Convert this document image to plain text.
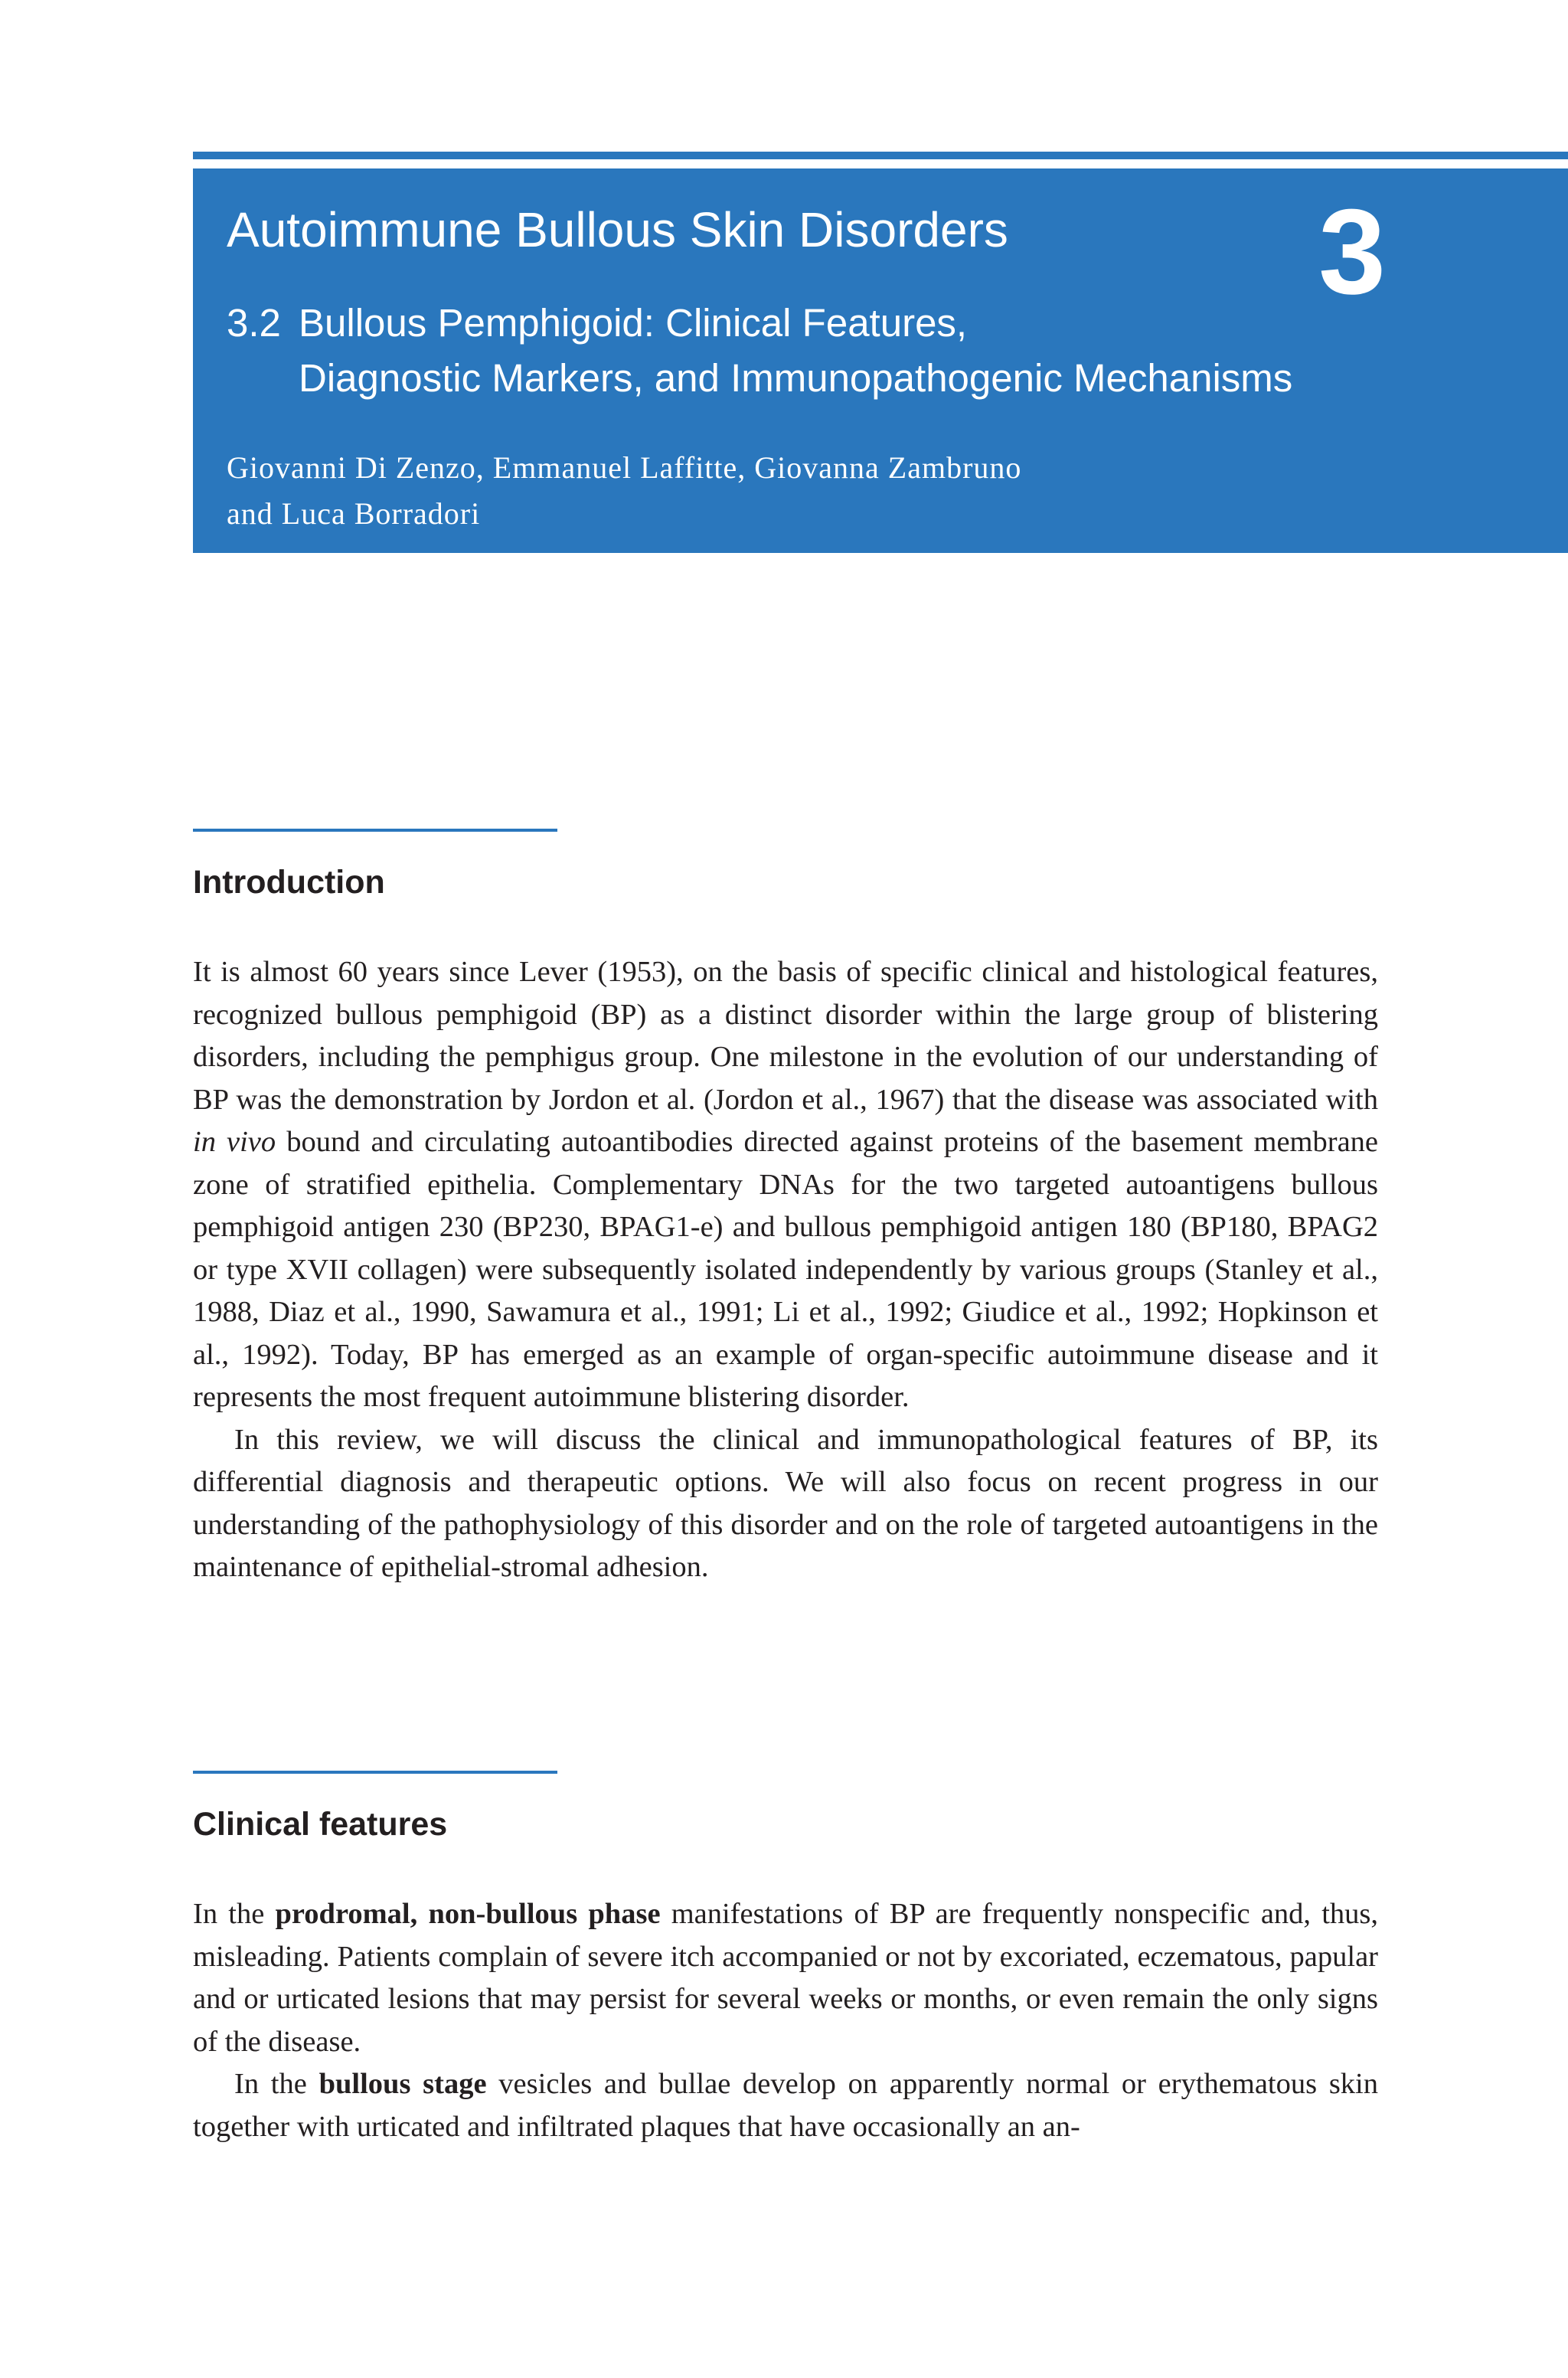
Autoimmune Bullous Skin Disorders	3
3.2 Bullous Pemphigoid: Clinical Features,
Diagnostic Markers, and Immunopathogenic Mechanisms
Giovanni Di Zenzo, Emmanuel Laffitte, Giovanna Zambruno
and Luca Borradori
Introduction

It is almost 60 years since Lever (1953), on the basis of specific clinical and histological features, recognized bullous pemphigoid (BP) as a distinct disorder within the large group of blistering disorders, including the pemphigus group. One milestone in the evolution of our understanding of BP was the demonstration by Jordon et al. (Jordon et al., 1967) that the disease was associated with in vivo bound and circulating autoantibodies directed against proteins of the basement membrane zone of stratified epithelia. Complementary DNAs for the two targeted autoantigens bullous pemphigoid antigen 230 (BP230, BPAG1-e) and bullous pemphigoid antigen 180 (BP180, BPAG2 or type XVII collagen) were subsequently isolated independently by various groups (Stanley et al., 1988, Diaz et al., 1990, Sawamura et al., 1991; Li et al., 1992; Giudice et al., 1992; Hopkinson et al., 1992). Today, BP has emerged as an example of organ-specific autoimmune disease and it represents the most frequent autoimmune blistering disorder.

In this review, we will discuss the clinical and immunopathological features of BP, its differential diagnosis and therapeutic options. We will also focus on recent progress in our understanding of the pathophysiology of this disorder and on the role of targeted autoantigens in the maintenance of epithelial-stromal adhesion.

Clinical features

In the prodromal, non-bullous phase manifestations of BP are frequently nonspecific and, thus, misleading. Patients complain of severe itch accompanied or not by excoriated, eczematous, papular and or urticated lesions that may persist for several weeks or months, or even remain the only signs of the disease.

In the bullous stage vesicles and bullae develop on apparently normal or erythematous skin together with urticated and infiltrated plaques that have occasionally an an-
